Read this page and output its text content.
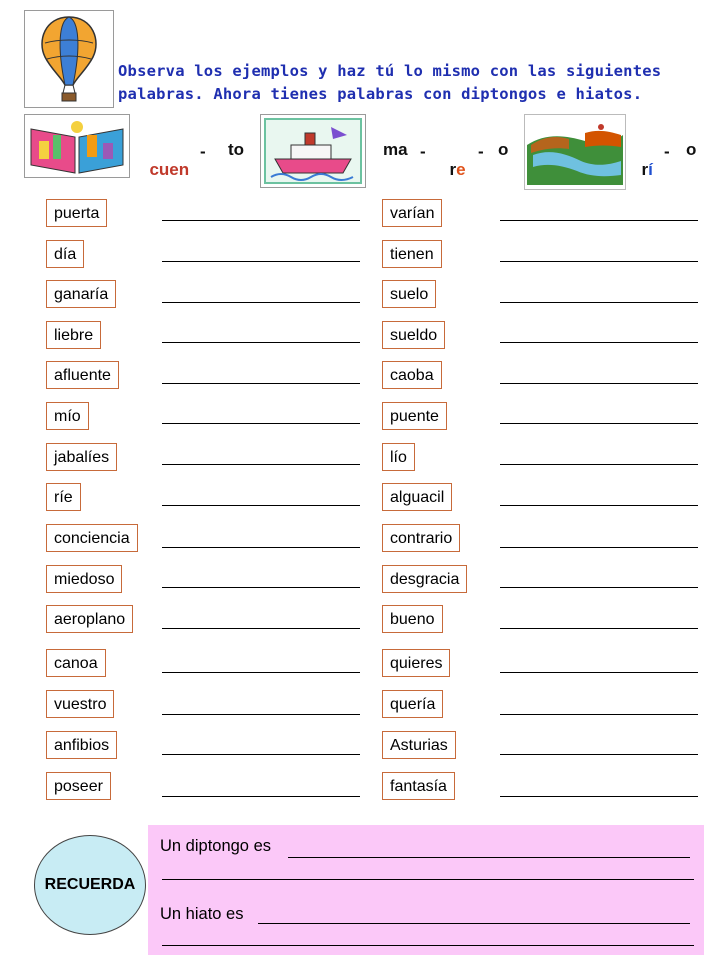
Observa los ejemplos y haz tú lo mismo con las siguientes
palabras. Ahora tienes palabras con diptongos e hiatos.

cuen

- to	ma -

re

- o

rí

- o
puerta
día
ganaría
liebre
afluente
mío
jabalíes
ríe
conciencia
miedoso
aeroplano
canoa
vuestro
anfibios
poseer
varían
tienen
suelo
sueldo
caoba
puente
lío
alguacil
contrario
desgracia
bueno
quieres
quería
Asturias
fantasía
Un diptongo es
Un hiato es
RECUERDA
